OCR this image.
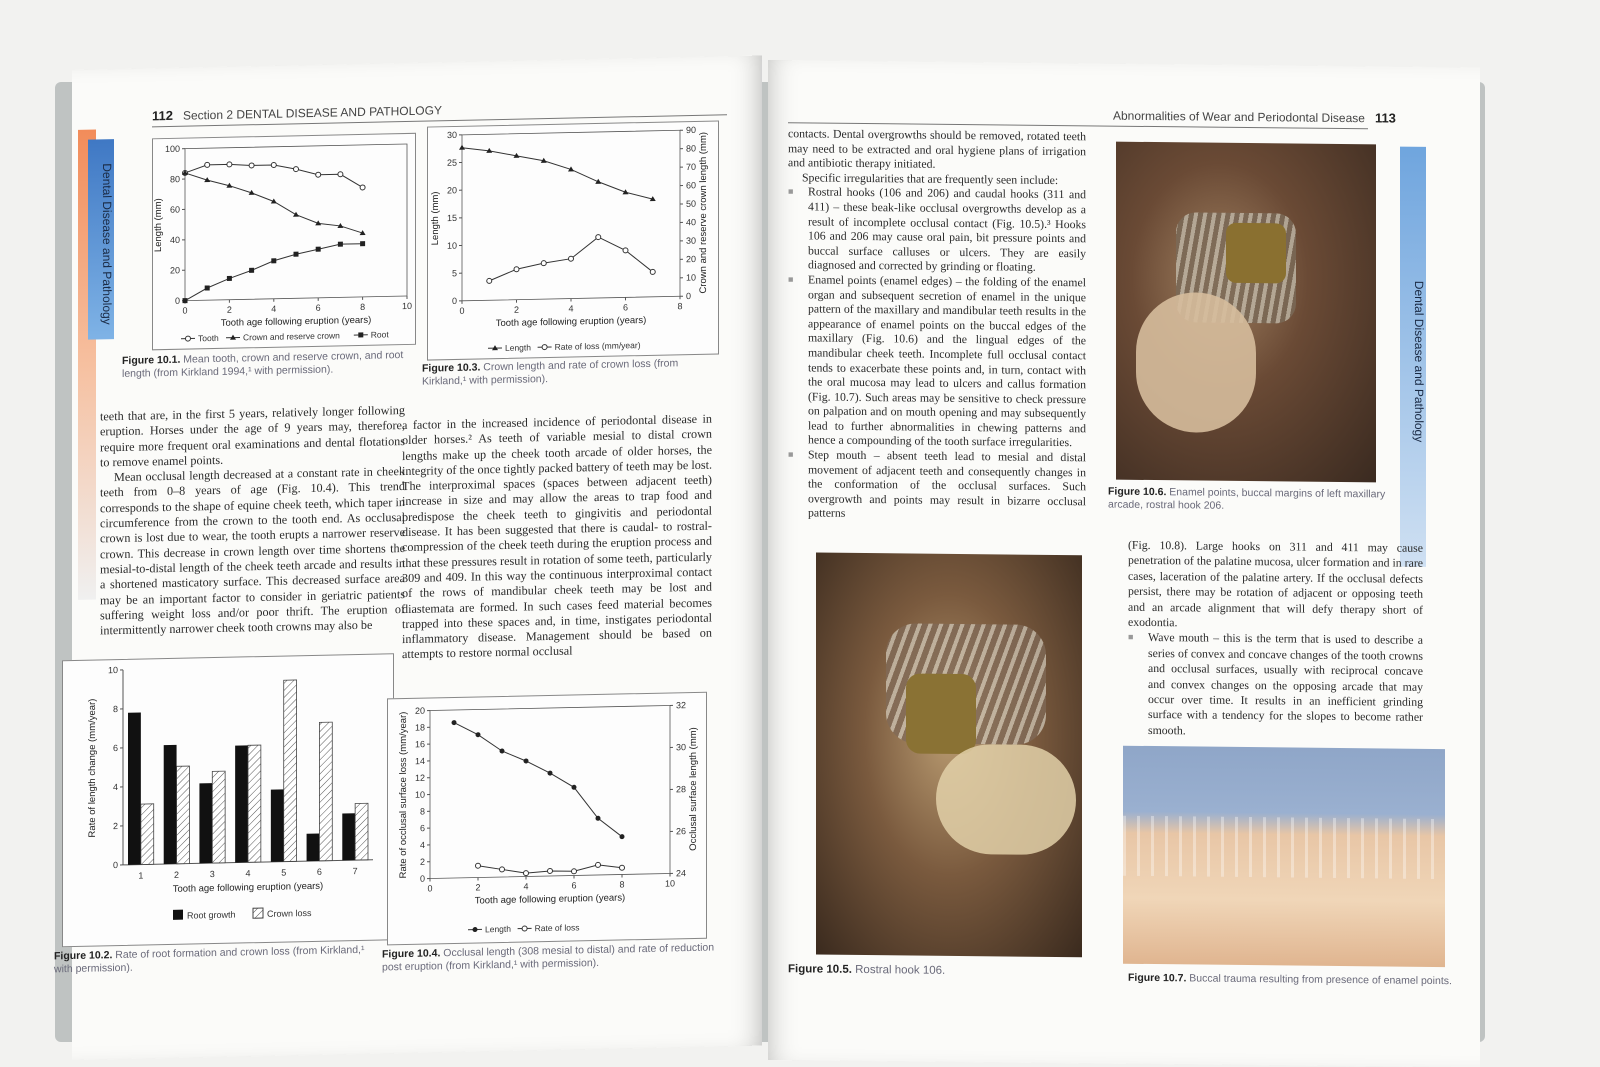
Dental Disease and Pathology
112 Section 2 DENTAL DISEASE AND PATHOLOGY
0	2	4	6	8	10
0
20
40
60
80
100
Tooth age following eruption (years)
Length (mm)
Tooth	Crown and reserve crown	Root
Figure 10.1. Mean tooth, crown and reserve crown, and root length (from Kirkland 1994,¹ with permission).
0	2	4	6	8
0
5
10
15
20
25
30
0
10
20
30
40
50
60
70
80
90
Tooth age following eruption (years)
Length (mm)	Crown and reserve crown length (mm)
Length	Rate of loss (mm/year)
Figure 10.3. Crown length and rate of crown loss (from Kirkland,¹ with permission).

teeth that are, in the first 5 years, relatively longer following eruption. Horses under the age of 9 years may, therefore, require more frequent oral examinations and dental flotations to remove enamel points.

Mean occlusal length decreased at a constant rate in cheek teeth from 0–8 years of age (Fig. 10.4). This trend corresponds to the shape of equine cheek teeth, which taper in circumference from the crown to the tooth end. As occlusal crown is lost due to wear, the tooth erupts a narrower reserve crown. This decrease in crown length over time shortens the mesial-to-distal length of the cheek teeth arcade and results in a shortened masticatory surface. This decreased surface area may be an important factor to consider in geriatric patients suffering weight loss and/or poor thrift. The eruption of intermittently narrower cheek tooth crowns may also be

a factor in the increased incidence of periodontal disease in older horses.² As teeth of variable mesial to distal crown lengths make up the cheek tooth arcade of older horses, the integrity of the once tightly packed battery of teeth may be lost. The interproximal spaces (spaces between adjacent teeth) increase in size and may allow the areas to trap food and predispose the cheek teeth to gingivitis and periodontal disease. It has been suggested that there is caudal- to rostral-compression of the cheek teeth during the eruption process and that these pressures result in rotation of some teeth, particularly 309 and 409. In this way the continuous interproximal contact of the rows of mandibular cheek teeth may be lost and diastemata are formed. In such cases feed material becomes trapped into these spaces and, in time, instigates periodontal inflammatory disease. Management should be based on attempts to restore normal occlusal

0
2
4
6
8
10
1	2	3	4	5	6	7
Tooth age following eruption (years)
Rate of length change (mm/year)
Root growth	Crown loss
Figure 10.2. Rate of root formation and crown loss (from Kirkland,¹ with permission).
0	2	4	6	8	10
0
2
4
6
8
10
12
14
16
18
20
24
26
28
30
32
Tooth age following eruption (years)
Rate of occlusal surface loss (mm/year)	Occlusal surface length (mm)
Length	Rate of loss
Figure 10.4. Occlusal length (308 mesial to distal) and rate of reduction post eruption (from Kirkland,¹ with permission).
Abnormalities of Wear and Periodontal Disease 113
Dental Disease and Pathology

contacts. Dental overgrowths should be removed, rotated teeth may need to be extracted and oral hygiene plans of irrigation and antibiotic therapy initiated.

Specific irregularities that are frequently seen include:

■ Rostral hooks (106 and 206) and caudal hooks (311 and 411) – these beak-like occlusal overgrowths develop as a result of incomplete occlusal contact (Fig. 10.5).³ Hooks 106 and 206 may cause oral pain, bit pressure points and buccal surface calluses or ulcers. They are easily diagnosed and corrected by grinding or floating.

■ Enamel points (enamel edges) – the folding of the enamel organ and subsequent secretion of enamel in the unique pattern of the maxillary and mandibular teeth results in the appearance of enamel points on the buccal edges of the maxillary (Fig. 10.6) and the lingual edges of the mandibular cheek teeth. Incomplete full occlusal contact tends to exacerbate these points and, in turn, contact with the oral mucosa may lead to ulcers and callus formation (Fig. 10.7). Such areas may be sensitive to check pressure on palpation and on mouth opening and may subsequently lead to further abnormalities in chewing patterns and hence a compounding of the tooth surface irregularities.

■ Step mouth – absent teeth lead to mesial and distal movement of adjacent teeth and consequently changes in the conformation of the occlusal surfaces. Such overgrowth and points may result in bizarre occlusal patterns

Figure 10.6. Enamel points, buccal margins of left maxillary arcade, rostral hook 206.

(Fig. 10.8). Large hooks on 311 and 411 may cause penetration of the palatine mucosa, ulcer formation and in rare cases, laceration of the palatine artery. If the occlusal defects persist, there may be rotation of adjacent or opposing teeth and an arcade alignment that will defy therapy short of exodontia.

■ Wave mouth – this is the term that is used to describe a series of convex and concave changes of the tooth crowns and occlusal surfaces, usually with reciprocal concave and convex changes on the opposing arcade that may occur over time. It results in an inefficient grinding surface with a tendency for the slopes to become rather smooth.

Figure 10.5. Rostral hook 106.
Figure 10.7. Buccal trauma resulting from presence of enamel points.
